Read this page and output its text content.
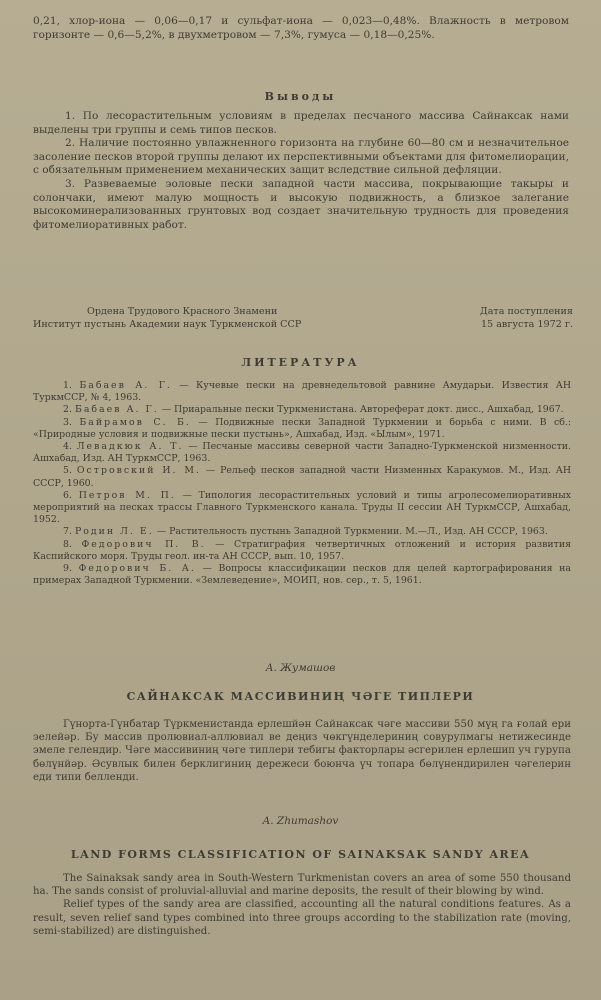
0,21, хлор-иона — 0,06—0,17 и сульфат-иона — 0,023—0,48%. Влажность в метровом горизонте — 0,6—5,2%, в двухметровом — 7,3%, гумуса — 0,18—0,25%.

Выводы

1. По лесорастительным условиям в пределах песчаного массива Сайнаксак нами выделены три группы и семь типов песков.

2. Наличие постоянно увлажненного горизонта на глубине 60—80 см и незначительное засоление песков второй группы делают их перспективными объектами для фитомелиорации, с обязательным применением механических защит вследствие сильной дефляции.

3. Развеваемые эоловые пески западной части массива, покрывающие такыры и солончаки, имеют малую мощность и высокую подвижность, а близкое залегание высокоминерализованных грунтовых вод создает значительную трудность для проведения фитомелиоративных работ.

Ордена Трудового Красного Знамени	Дата поступления
Институт пустынь Академии наук Туркменской ССР	15 августа 1972 г.
ЛИТЕРАТУРА

1. Бабаев А. Г. — Кучевые пески на древнедельтовой равнине Амударьи. Известия АН ТуркмССР, № 4, 1963.

2. Бабаев А. Г. — Приаральные пески Туркменистана. Автореферат докт. дисс., Ашхабад, 1967.

3. Байрамов С. Б. — Подвижные пески Западной Туркмении и борьба с ними. В сб.: «Природные условия и подвижные пески пустынь», Ашхабад, Изд. «Ылым», 1971.

4. Левадкюк А. Т. — Песчаные массивы северной части Западно-Туркменской низменности. Ашхабад, Изд. АН ТуркмССР, 1963.

5. Островский И. М. — Рельеф песков западной части Низменных Каракумов. М., Изд. АН СССР, 1960.

6. Петров М. П. — Типология лесорастительных условий и типы агролесомелиоративных мероприятий на песках трассы Главного Туркменского канала. Труды II сессии АН ТуркмССР, Ашхабад, 1952.

7. Родин Л. Е. — Растительность пустынь Западной Туркмении. М.—Л., Изд. АН СССР, 1963.

8. Федорович П. В. — Стратиграфия четвертичных отложений и история развития Каспийского моря. Труды геол. ин-та АН СССР, вып. 10, 1957.

9. Федорович Б. А. — Вопросы классификации песков для целей картографирования на примерах Западной Туркмении. «Землеведение», МОИП, нов. сер., т. 5, 1961.

А. Жумашов
САЙНАКСАК МАССИВИНИҢ ЧӘГЕ ТИПЛЕРИ

Гүнорта-Гүнбатар Түркменистанда ерлешйән Сайнаксак чәге массиви 550 мүң га ғолай ери эелейәр. Бу массив пролювиал-аллювиал ве деңиз чөкгүнделериниң совурулмагы нетижесинде эмеле гелендир. Чәге массивиниң чәге типлери тебигы факторлары әсгерилен ерлешип уч гурупа бөлүнйәр. Әсувлык билен берклигиниң дережеси боюнча үч топара бөлүнендирилен чәгелерин еди типи белленди.

A. Zhumashov
LAND FORMS CLASSIFICATION OF SAINAKSAK SANDY AREA

The Sainaksak sandy area in South-Western Turkmenistan covers an area of some 550 thousand ha. The sands consist of proluvial-alluvial and marine deposits, the result of their blowing by wind.

Relief types of the sandy area are classified, accounting all the natural conditions features. As a result, seven relief sand types combined into three groups according to the stabilization rate (moving, semi-stabilized) are distinguished.
